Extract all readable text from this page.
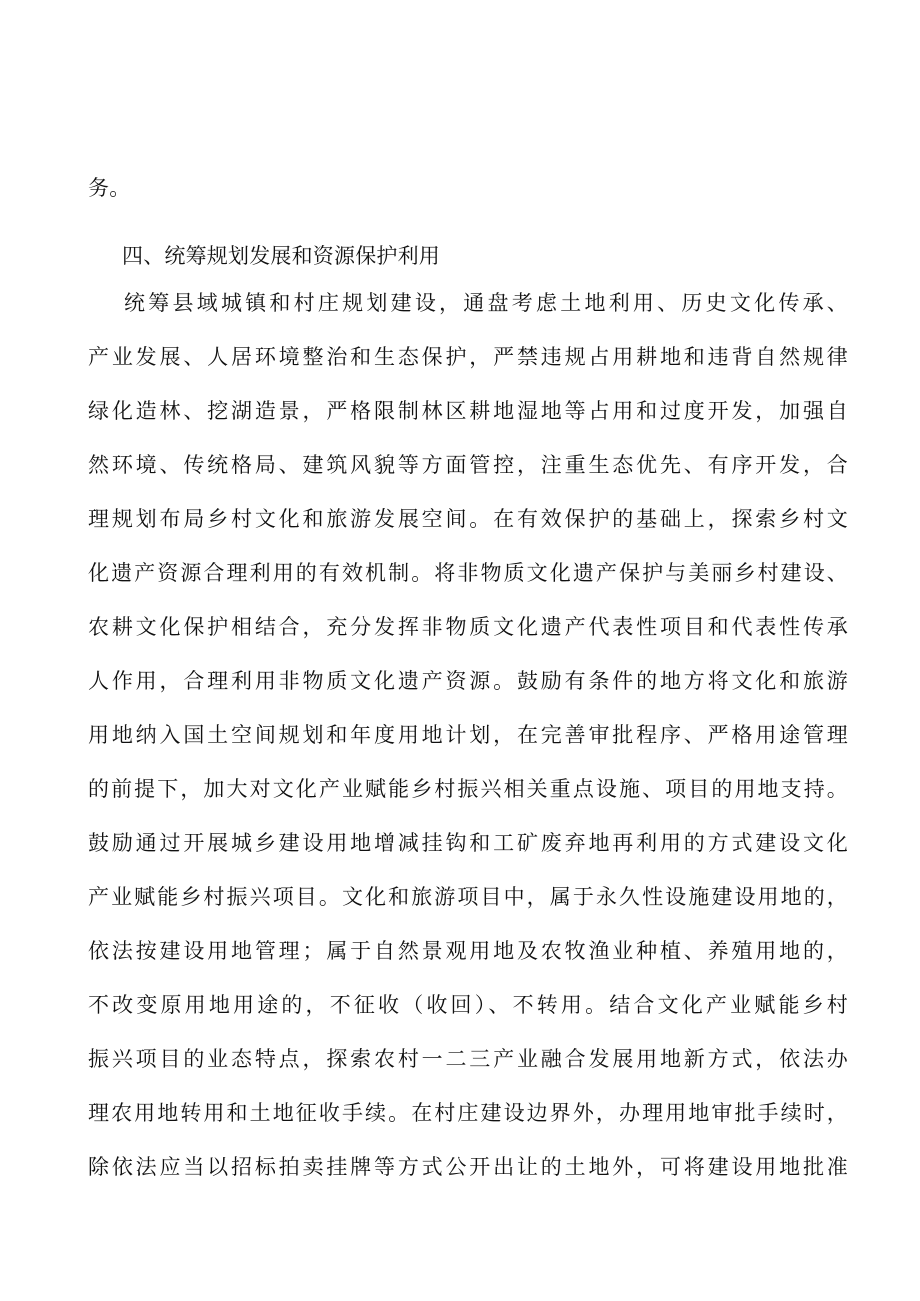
务。
四、统筹规划发展和资源保护利用
统筹县域城镇和村庄规划建设，通盘考虑土地利用、历史文化传承、
产业发展、人居环境整治和生态保护，严禁违规占用耕地和违背自然规律
绿化造林、挖湖造景，严格限制林区耕地湿地等占用和过度开发，加强自
然环境、传统格局、建筑风貌等方面管控，注重生态优先、有序开发，合
理规划布局乡村文化和旅游发展空间。在有效保护的基础上，探索乡村文
化遗产资源合理利用的有效机制。将非物质文化遗产保护与美丽乡村建设、
农耕文化保护相结合，充分发挥非物质文化遗产代表性项目和代表性传承
人作用，合理利用非物质文化遗产资源。鼓励有条件的地方将文化和旅游
用地纳入国土空间规划和年度用地计划，在完善审批程序、严格用途管理
的前提下，加大对文化产业赋能乡村振兴相关重点设施、项目的用地支持。
鼓励通过开展城乡建设用地增减挂钩和工矿废弃地再利用的方式建设文化
产业赋能乡村振兴项目。文化和旅游项目中，属于永久性设施建设用地的，
依法按建设用地管理；属于自然景观用地及农牧渔业种植、养殖用地的，
不改变原用地用途的，不征收（收回）、不转用。结合文化产业赋能乡村
振兴项目的业态特点，探索农村一二三产业融合发展用地新方式，依法办
理农用地转用和土地征收手续。在村庄建设边界外，办理用地审批手续时，
除依法应当以招标拍卖挂牌等方式公开出让的土地外，可将建设用地批准
